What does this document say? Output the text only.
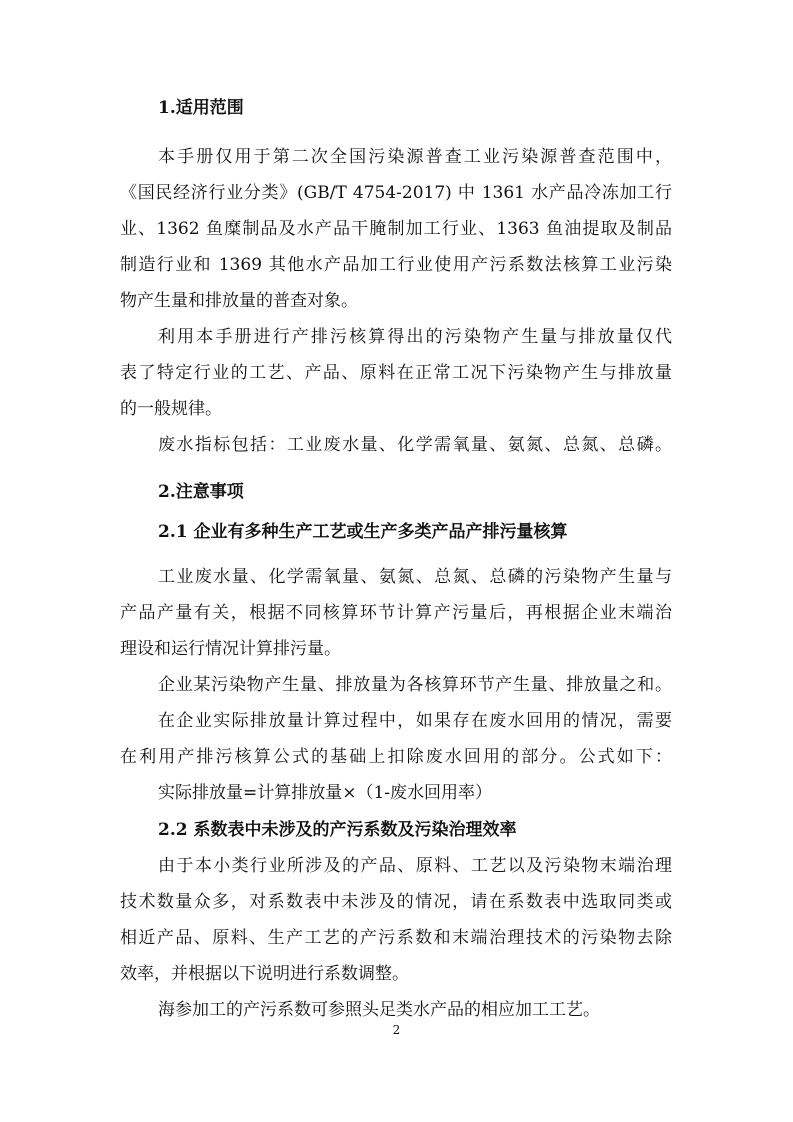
1.适用范围
本手册仅用于第二次全国污染源普查工业污染源普查范围中，
《国民经济行业分类》(GB/T 4754-2017) 中 1361 水产品冷冻加工行
业、1362 鱼糜制品及水产品干腌制加工行业、1363 鱼油提取及制品
制造行业和 1369 其他水产品加工行业使用产污系数法核算工业污染
物产生量和排放量的普查对象。
利用本手册进行产排污核算得出的污染物产生量与排放量仅代
表了特定行业的工艺、产品、原料在正常工况下污染物产生与排放量
的一般规律。
废水指标包括：工业废水量、化学需氧量、氨氮、总氮、总磷。
2.注意事项
2.1 企业有多种生产工艺或生产多类产品产排污量核算
工业废水量、化学需氧量、氨氮、总氮、总磷的污染物产生量与
产品产量有关，根据不同核算环节计算产污量后，再根据企业末端治
理设和运行情况计算排污量。
企业某污染物产生量、排放量为各核算环节产生量、排放量之和。
在企业实际排放量计算过程中，如果存在废水回用的情况，需要
在利用产排污核算公式的基础上扣除废水回用的部分。公式如下：
实际排放量=计算排放量×（1-废水回用率）
2.2 系数表中未涉及的产污系数及污染治理效率
由于本小类行业所涉及的产品、原料、工艺以及污染物末端治理
技术数量众多，对系数表中未涉及的情况，请在系数表中选取同类或
相近产品、原料、生产工艺的产污系数和末端治理技术的污染物去除
效率，并根据以下说明进行系数调整。
海参加工的产污系数可参照头足类水产品的相应加工工艺。
2
